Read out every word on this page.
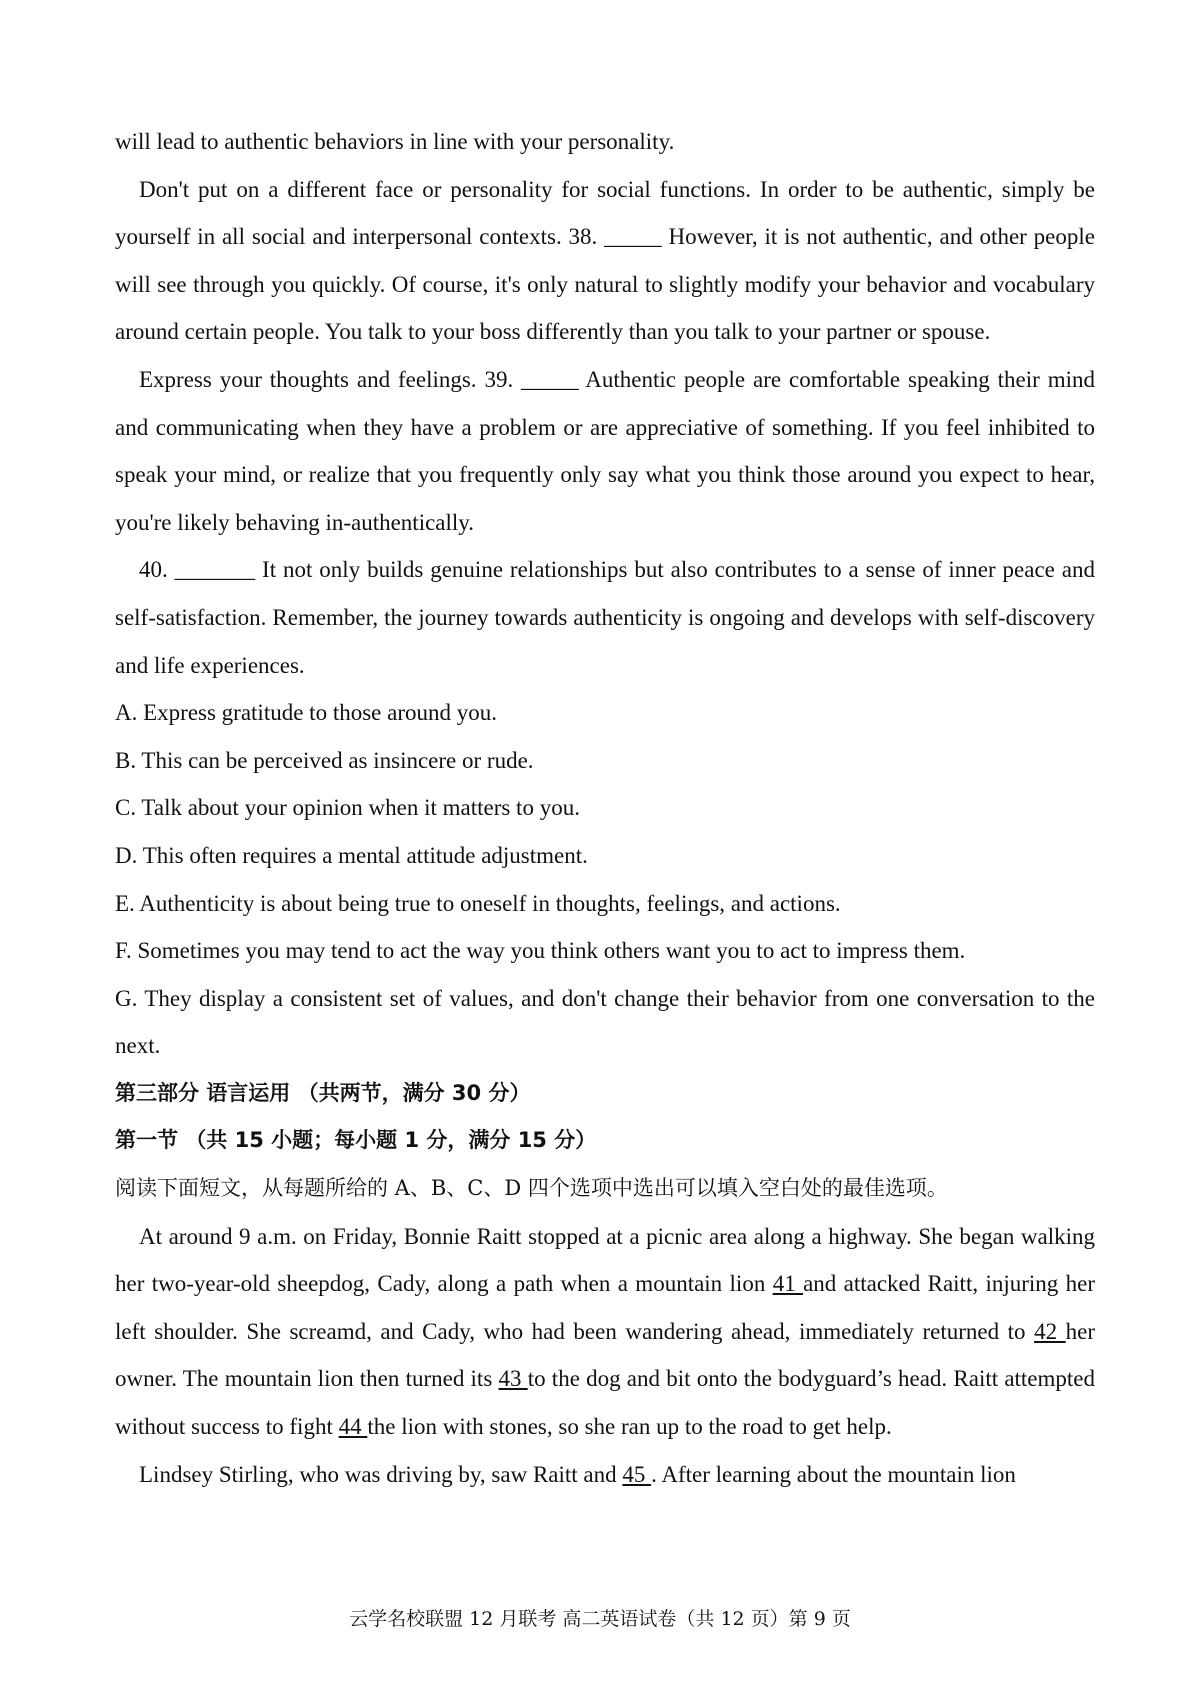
will lead to authentic behaviors in line with your personality.

Don't put on a different face or personality for social functions. In order to be authentic, simply be yourself in all social and interpersonal contexts. 38. _____ However, it is not authentic, and other people will see through you quickly. Of course, it's only natural to slightly modify your behavior and vocabulary around certain people. You talk to your boss differently than you talk to your partner or spouse.

Express your thoughts and feelings. 39. _____ Authentic people are comfortable speaking their mind and communicating when they have a problem or are appreciative of something. If you feel inhibited to speak your mind, or realize that you frequently only say what you think those around you expect to hear, you're likely behaving in-authentically.

40. _______ It not only builds genuine relationships but also contributes to a sense of inner peace and self-satisfaction. Remember, the journey towards authenticity is ongoing and develops with self-discovery and life experiences.

A. Express gratitude to those around you.

B. This can be perceived as insincere or rude.

C. Talk about your opinion when it matters to you.

D. This often requires a mental attitude adjustment.

E. Authenticity is about being true to oneself in thoughts, feelings, and actions.

F. Sometimes you may tend to act the way you think others want you to act to impress them.

G. They display a consistent set of values, and don't change their behavior from one conversation to the next.

第三部分 语言运用 （共两节，满分 30 分）

第一节 （共 15 小题；每小题 1 分，满分 15 分）

阅读下面短文，从每题所给的 A、B、C、D 四个选项中选出可以填入空白处的最佳选项。

At around 9 a.m. on Friday, Bonnie Raitt stopped at a picnic area along a highway. She began walking her two-year-old sheepdog, Cady, along a path when a mountain lion 41 and attacked Raitt, injuring her left shoulder. She screamd, and Cady, who had been wandering ahead, immediately returned to 42 her owner. The mountain lion then turned its 43 to the dog and bit onto the bodyguard’s head. Raitt attempted without success to fight 44 the lion with stones, so she ran up to the road to get help.

Lindsey Stirling, who was driving by, saw Raitt and 45 . After learning about the mountain lion

云学名校联盟 12 月联考 高二英语试卷（共 12 页）第 9 页
